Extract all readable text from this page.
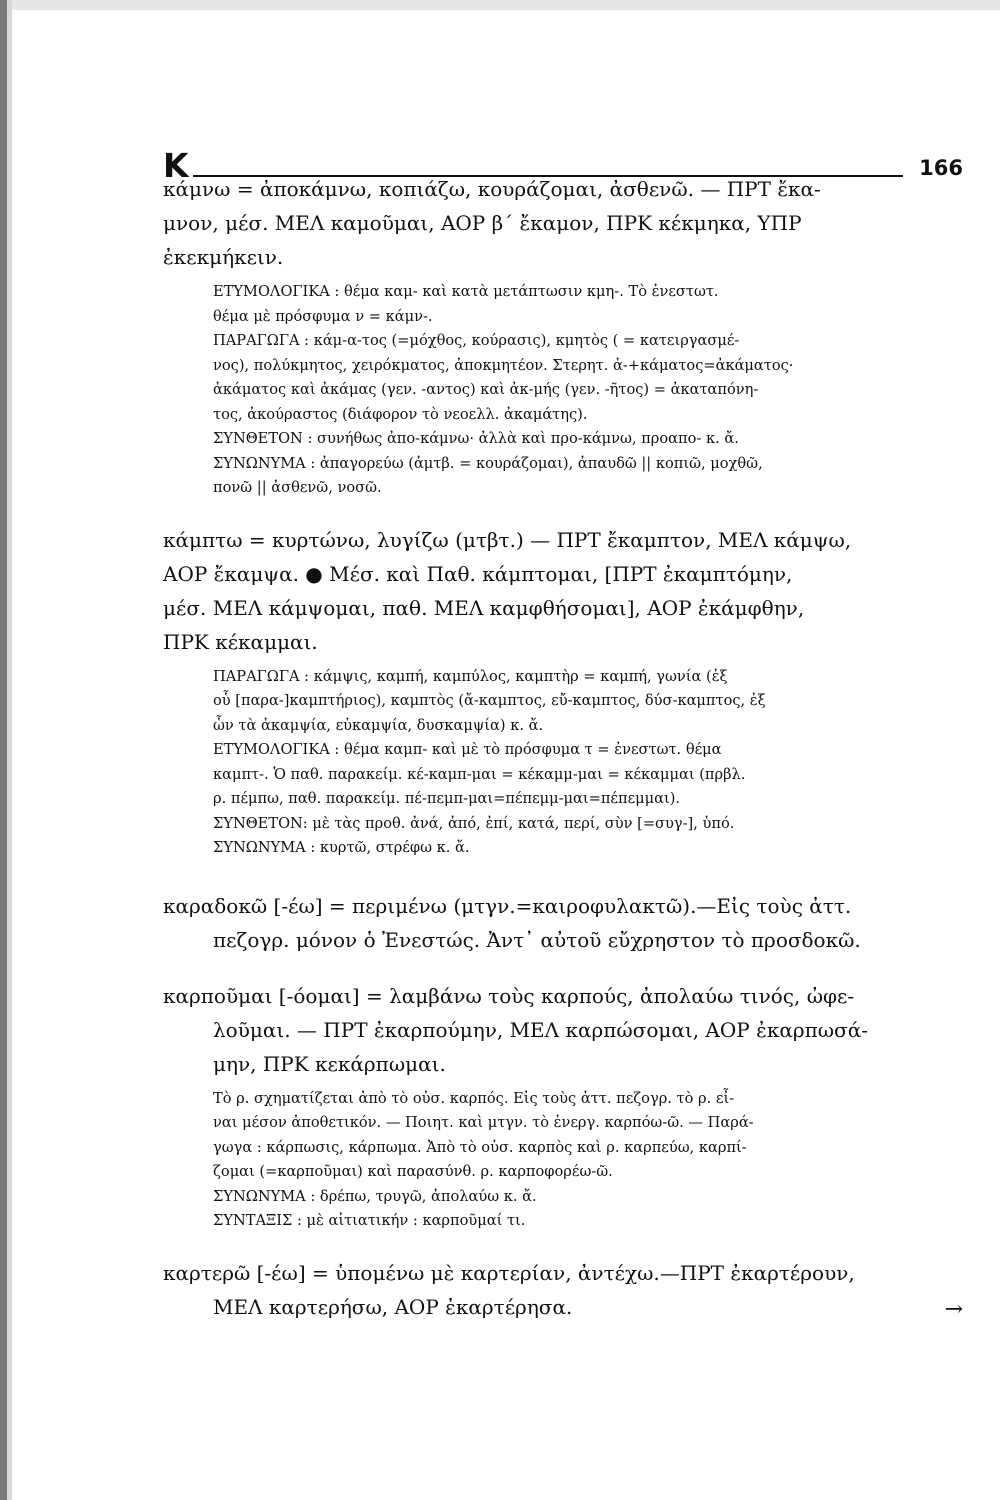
K	166
κάμνω = ἀποκάμνω, κοπιάζω, κουράζομαι, ἀσθενῶ. — ΠΡΤ ἔκα-
μνον, μέσ. ΜΕΛ καμοῦμαι, ΑΟΡ β΄ ἔκαμον, ΠΡΚ κέκμηκα, ΥΠΡ
ἐκεκμήκειν.
ΕΤΥΜΟΛΟΓΙΚΑ : θέμα καμ- καὶ κατὰ μετάπτωσιν κμη-. Τὸ ἐνεστωτ.
θέμα μὲ πρόσφυμα ν = κάμν-.
ΠΑΡΑΓΩΓΑ : κάμ-α-τος (=μόχθος, κούρασις), κμητὸς ( = κατειργασμέ-
νος), πολύκμητος, χειρόκματος, ἀποκμητέον. Στερητ. ἀ-+κάματος=ἀκάματος·
ἀκάματος καὶ ἀκάμας (γεν. -αντος) καὶ ἀκ-μής (γεν. -ῆτος) = ἀκαταπόνη-
τος, ἀκούραστος (διάφορον τὸ νεοελλ. ἀκαμάτης).
ΣΥΝΘΕΤΟΝ : συνήθως ἀπο-κάμνω· ἀλλὰ καὶ προ-κάμνω, προαπο- κ. ἄ.
ΣΥΝΩΝΥΜΑ : ἀπαγορεύω (ἀμτβ. = κουράζομαι), ἀπαυδῶ || κοπιῶ, μοχθῶ,
πονῶ || ἀσθενῶ, νοσῶ.
κάμπτω = κυρτώνω, λυγίζω (μτβτ.) — ΠΡΤ ἔκαμπτον, ΜΕΛ κάμψω,
ΑΟΡ ἔκαμψα. ● Μέσ. καὶ Παθ. κάμπτομαι, [ΠΡΤ ἐκαμπτόμην,
μέσ. ΜΕΛ κάμψομαι, παθ. ΜΕΛ καμφθήσομαι], ΑΟΡ ἐκάμφθην,
ΠΡΚ κέκαμμαι.
ΠΑΡΑΓΩΓΑ : κάμψις, καμπή, καμπύλος, καμπτὴρ = καμπή, γωνία (ἐξ
οὗ [παρα-]καμπτήριος), καμπτὸς (ἄ-καμπτος, εὔ-καμπτος, δύσ-καμπτος, ἐξ
ὧν τὰ ἀκαμψία, εὐκαμψία, δυσκαμψία) κ. ἄ.
ΕΤΥΜΟΛΟΓΙΚΑ : θέμα καμπ- καὶ μὲ τὸ πρόσφυμα τ = ἐνεστωτ. θέμα
καμπτ-. Ὁ παθ. παρακείμ. κέ-καμπ-μαι = κέκαμμ-μαι = κέκαμμαι (πρβλ.
ρ. πέμπω, παθ. παρακείμ. πέ-πεμπ-μαι=πέπεμμ-μαι=πέπεμμαι).
ΣΥΝΘΕΤΟΝ: μὲ τὰς προθ. ἀνά, ἀπό, ἐπί, κατά, περί, σὺν [=συγ-], ὑπό.
ΣΥΝΩΝΥΜΑ : κυρτῶ, στρέφω κ. ἄ.
καραδοκῶ [-έω] = περιμένω (μτγν.=καιροφυλακτῶ).—Εἰς τοὺς ἀττ.
πεζογρ. μόνον ὁ Ἐνεστώς. Ἀντ᾽ αὐτοῦ εὔχρηστον τὸ προσδοκῶ.
καρποῦμαι [-όομαι] = λαμβάνω τοὺς καρπούς, ἀπολαύω τινός, ὠφε-
λοῦμαι. — ΠΡΤ ἐκαρπούμην, ΜΕΛ καρπώσομαι, ΑΟΡ ἐκαρπωσά-
μην, ΠΡΚ κεκάρπωμαι.
Τὸ ρ. σχηματίζεται ἀπὸ τὸ οὐσ. καρπός. Εἰς τοὺς ἀττ. πεζογρ. τὸ ρ. εἶ-
ναι μέσον ἀποθετικόν. — Ποιητ. καὶ μτγν. τὸ ἐνεργ. καρπόω-ῶ. — Παρά-
γωγα : κάρπωσις, κάρπωμα. Ἀπὸ τὸ οὐσ. καρπὸς καὶ ρ. καρπεύω, καρπί-
ζομαι (=καρποῦμαι) καὶ παρασύνθ. ρ. καρποφορέω-ῶ.
ΣΥΝΩΝΥΜΑ : δρέπω, τρυγῶ, ἀπολαύω κ. ἄ.
ΣΥΝΤΑΞΙΣ : μὲ αἰτιατικήν : καρποῦμαί τι.
καρτερῶ [-έω] = ὑπομένω μὲ καρτερίαν, ἀντέχω.—ΠΡΤ ἐκαρτέρουν,
ΜΕΛ καρτερήσω, ΑΟΡ ἐκαρτέρησα.	→
